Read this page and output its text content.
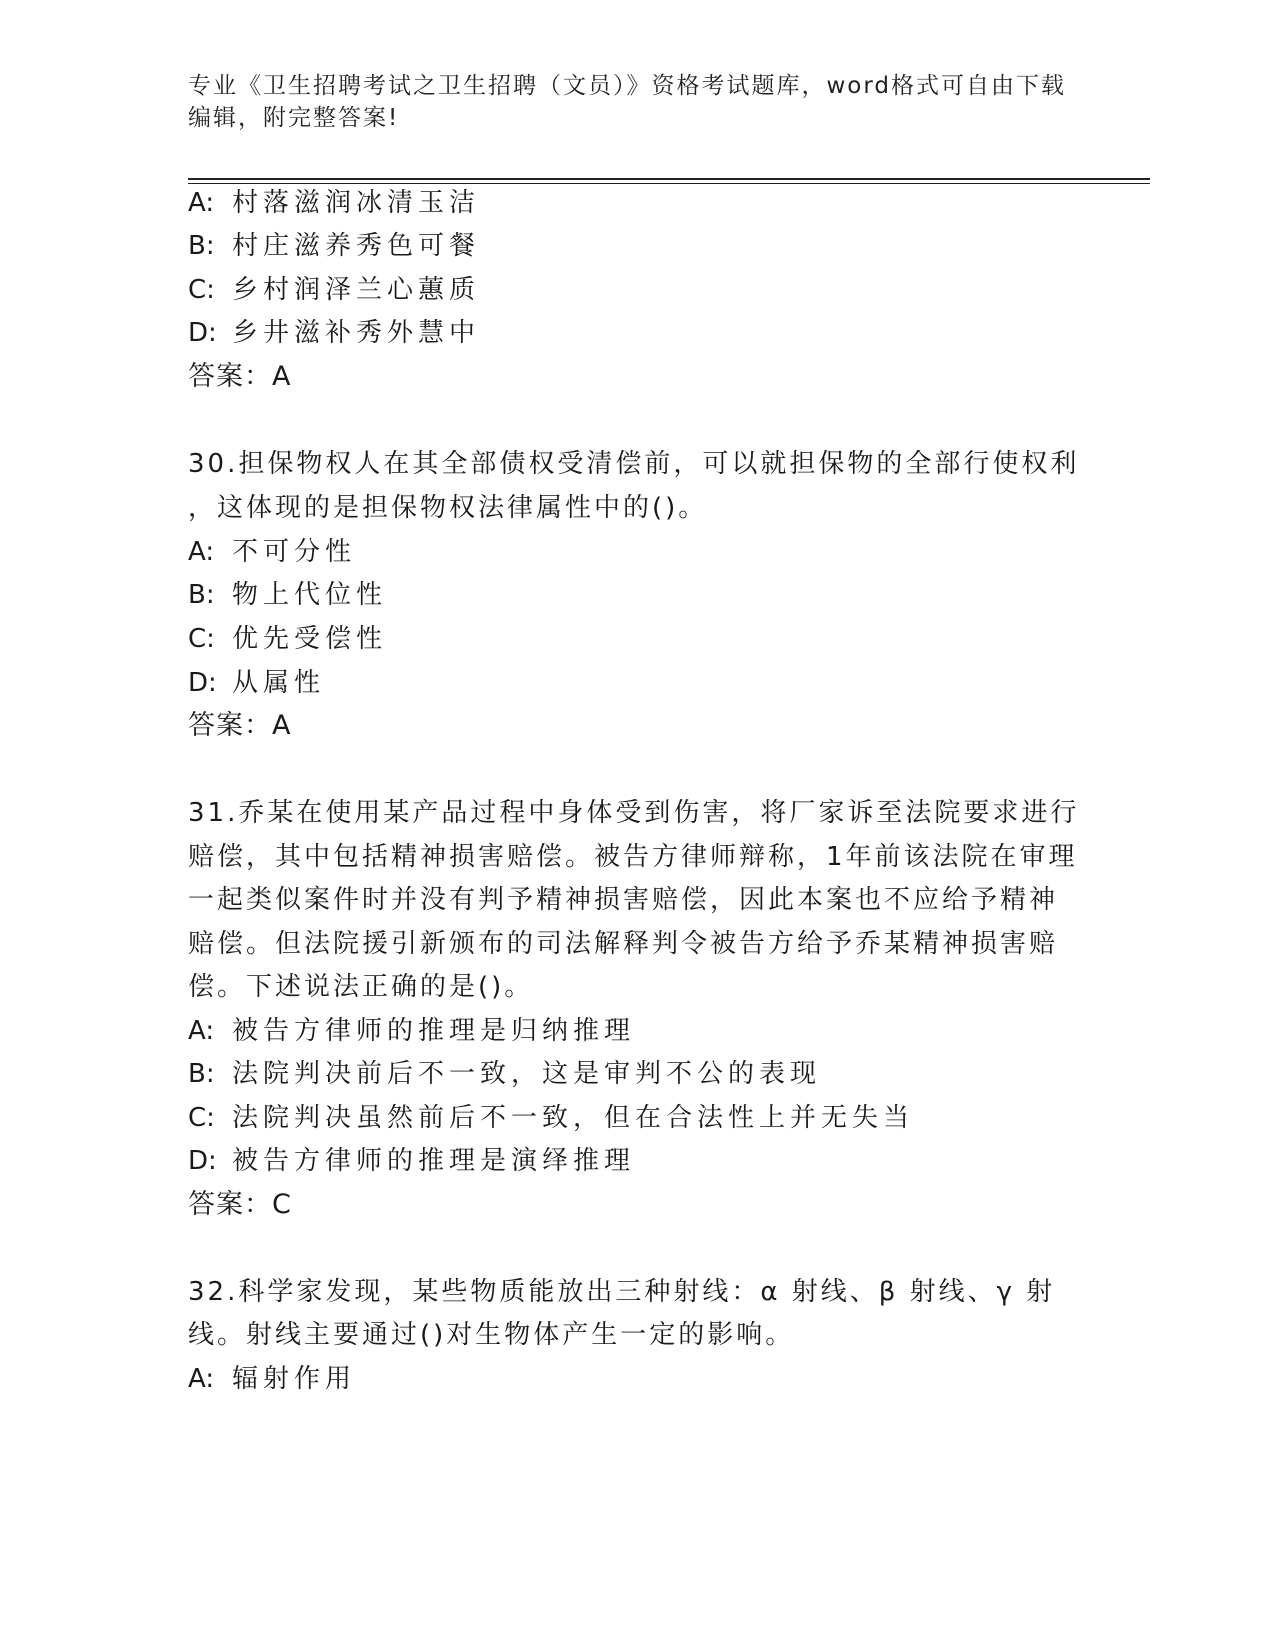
专业《卫生招聘考试之卫生招聘（文员）》资格考试题库，word格式可自由下载
编辑，附完整答案!
A: 村落滋润冰清玉洁
B: 村庄滋养秀色可餐
C: 乡村润泽兰心蕙质
D: 乡井滋补秀外慧中
答案：A
30.担保物权人在其全部债权受清偿前，可以就担保物的全部行使权利
，这体现的是担保物权法律属性中的()。
A: 不可分性
B: 物上代位性
C: 优先受偿性
D: 从属性
答案：A
31.乔某在使用某产品过程中身体受到伤害，将厂家诉至法院要求进行
赔偿，其中包括精神损害赔偿。被告方律师辩称，1年前该法院在审理
一起类似案件时并没有判予精神损害赔偿，因此本案也不应给予精神
赔偿。但法院援引新颁布的司法解释判令被告方给予乔某精神损害赔
偿。下述说法正确的是()。
A: 被告方律师的推理是归纳推理
B: 法院判决前后不一致，这是审判不公的表现
C: 法院判决虽然前后不一致，但在合法性上并无失当
D: 被告方律师的推理是演绎推理
答案：C
32.科学家发现，某些物质能放出三种射线：α 射线、β 射线、γ 射
线。射线主要通过()对生物体产生一定的影响。
A: 辐射作用
